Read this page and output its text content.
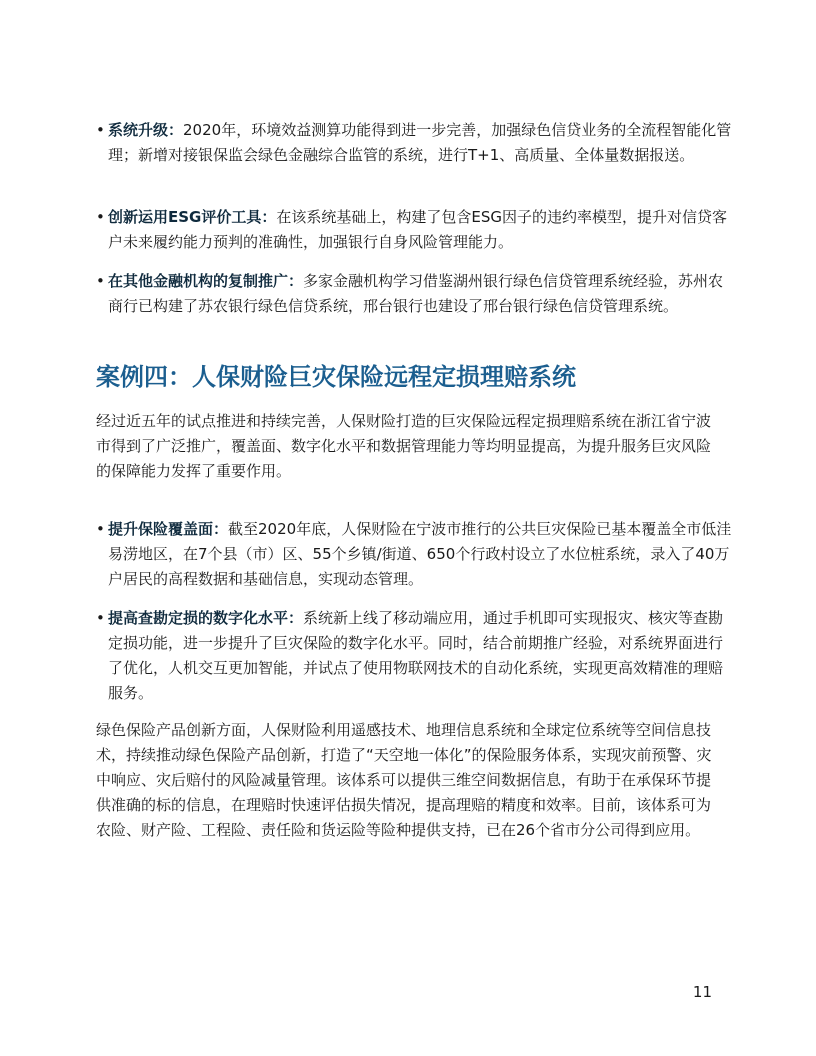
• 系统升级：2020年，环境效益测算功能得到进一步完善，加强绿色信贷业务的全流程智能化管理；新增对接银保监会绿色金融综合监管的系统，进行T+1、高质量、全体量数据报送。
• 创新运用ESG评价工具：在该系统基础上，构建了包含ESG因子的违约率模型，提升对信贷客户未来履约能力预判的准确性，加强银行自身风险管理能力。
• 在其他金融机构的复制推广：多家金融机构学习借鉴湖州银行绿色信贷管理系统经验，苏州农商行已构建了苏农银行绿色信贷系统，邢台银行也建设了邢台银行绿色信贷管理系统。
案例四：人保财险巨灾保险远程定损理赔系统
经过近五年的试点推进和持续完善，人保财险打造的巨灾保险远程定损理赔系统在浙江省宁波市得到了广泛推广，覆盖面、数字化水平和数据管理能力等均明显提高，为提升服务巨灾风险的保障能力发挥了重要作用。
• 提升保险覆盖面：截至2020年底，人保财险在宁波市推行的公共巨灾保险已基本覆盖全市低洼易涝地区，在7个县（市）区、55个乡镇/街道、650个行政村设立了水位桩系统，录入了40万户居民的高程数据和基础信息，实现动态管理。
• 提高查勘定损的数字化水平：系统新上线了移动端应用，通过手机即可实现报灾、核灾等查勘定损功能，进一步提升了巨灾保险的数字化水平。同时，结合前期推广经验，对系统界面进行了优化，人机交互更加智能，并试点了使用物联网技术的自动化系统，实现更高效精准的理赔服务。
绿色保险产品创新方面，人保财险利用遥感技术、地理信息系统和全球定位系统等空间信息技术，持续推动绿色保险产品创新，打造了“天空地一体化”的保险服务体系，实现灾前预警、灾中响应、灾后赔付的风险减量管理。该体系可以提供三维空间数据信息，有助于在承保环节提供准确的标的信息，在理赔时快速评估损失情况，提高理赔的精度和效率。目前，该体系可为农险、财产险、工程险、责任险和货运险等险种提供支持，已在26个省市分公司得到应用。
11
